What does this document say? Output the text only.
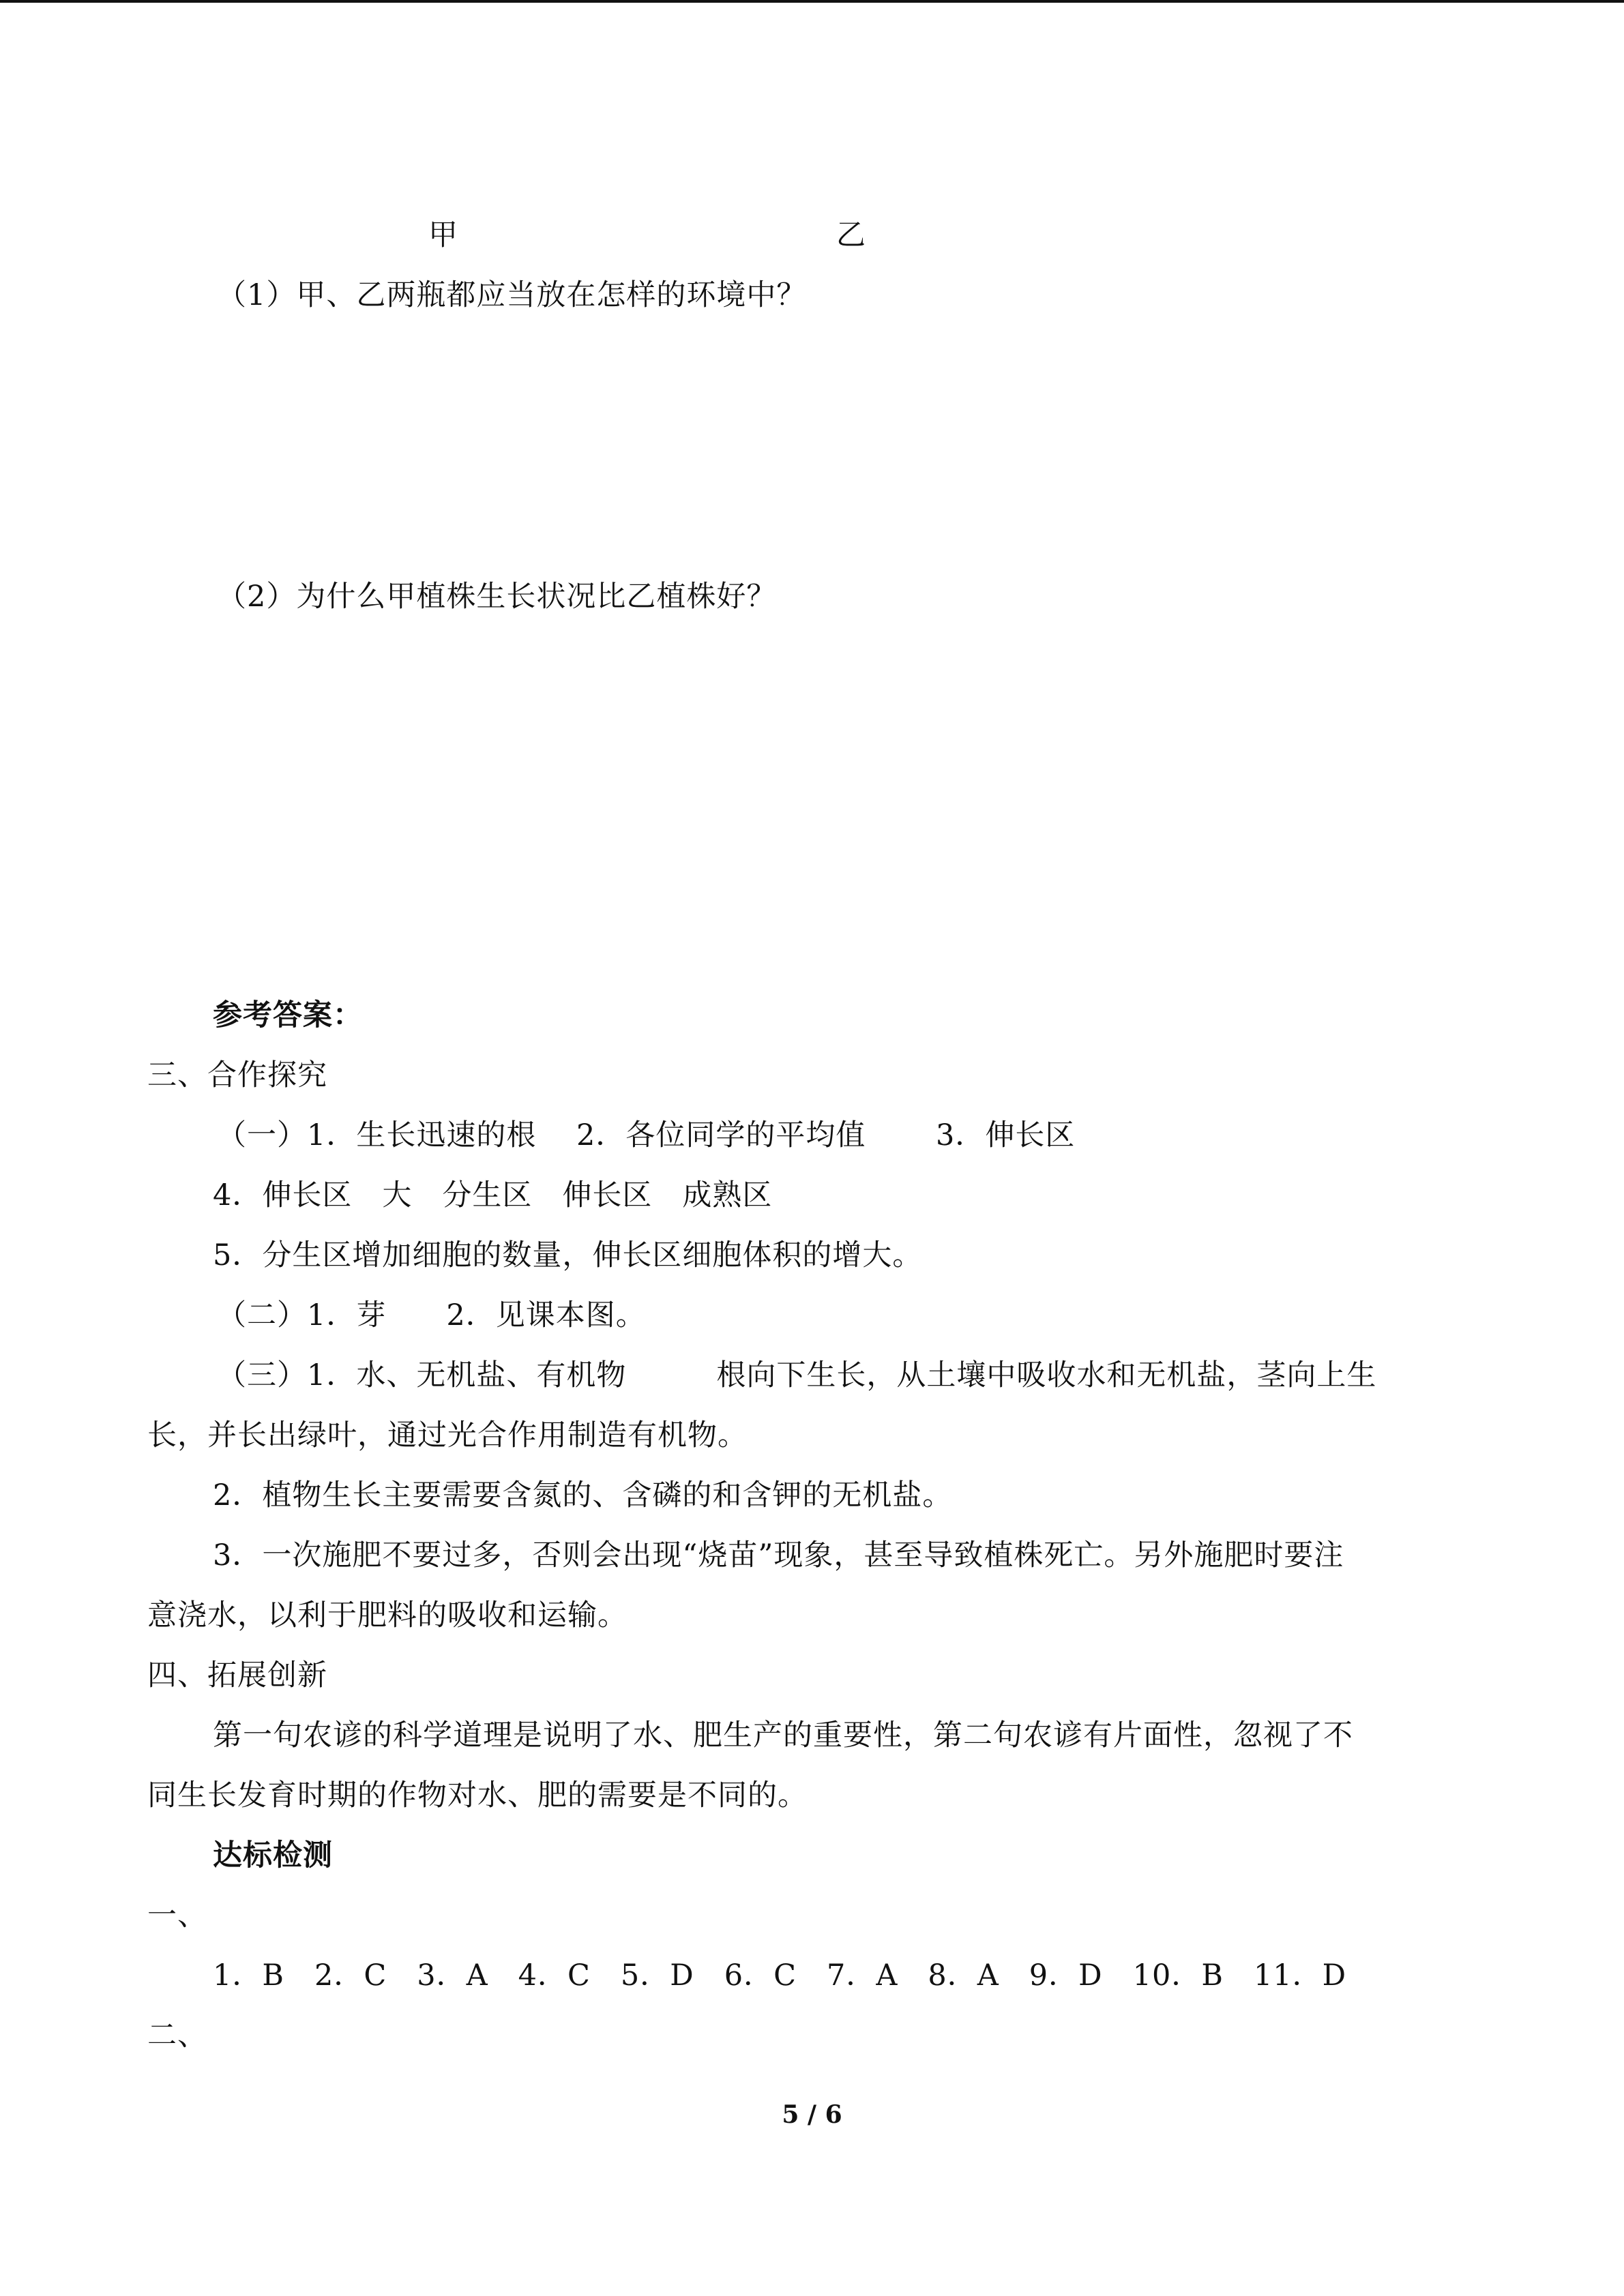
甲	乙
（1）甲、乙两瓶都应当放在怎样的环境中？
（2）为什么甲植株生长状况比乙植株好？
参考答案：
三、合作探究
（一）1．生长迅速的根　 2．各位同学的平均值　　 3．伸长区
4．伸长区　大　分生区　伸长区　成熟区
5．分生区增加细胞的数量，伸长区细胞体积的增大。
（二）1．芽　　2．见课本图。
（三）1．水、无机盐、有机物　　　根向下生长，从土壤中吸收水和无机盐，茎向上生
长，并长出绿叶，通过光合作用制造有机物。
2．植物生长主要需要含氮的、含磷的和含钾的无机盐。
3．一次施肥不要过多，否则会出现“烧苗”现象，甚至导致植株死亡。另外施肥时要注
意浇水，以利于肥料的吸收和运输。
四、拓展创新
第一句农谚的科学道理是说明了水、肥生产的重要性，第二句农谚有片面性，忽视了不
同生长发育时期的作物对水、肥的需要是不同的。
达标检测
一、
1．B　2．C　3．A　4．C　5．D　6．C　7．A　8．A　9．D　10．B　11．D
二、
5 / 6
